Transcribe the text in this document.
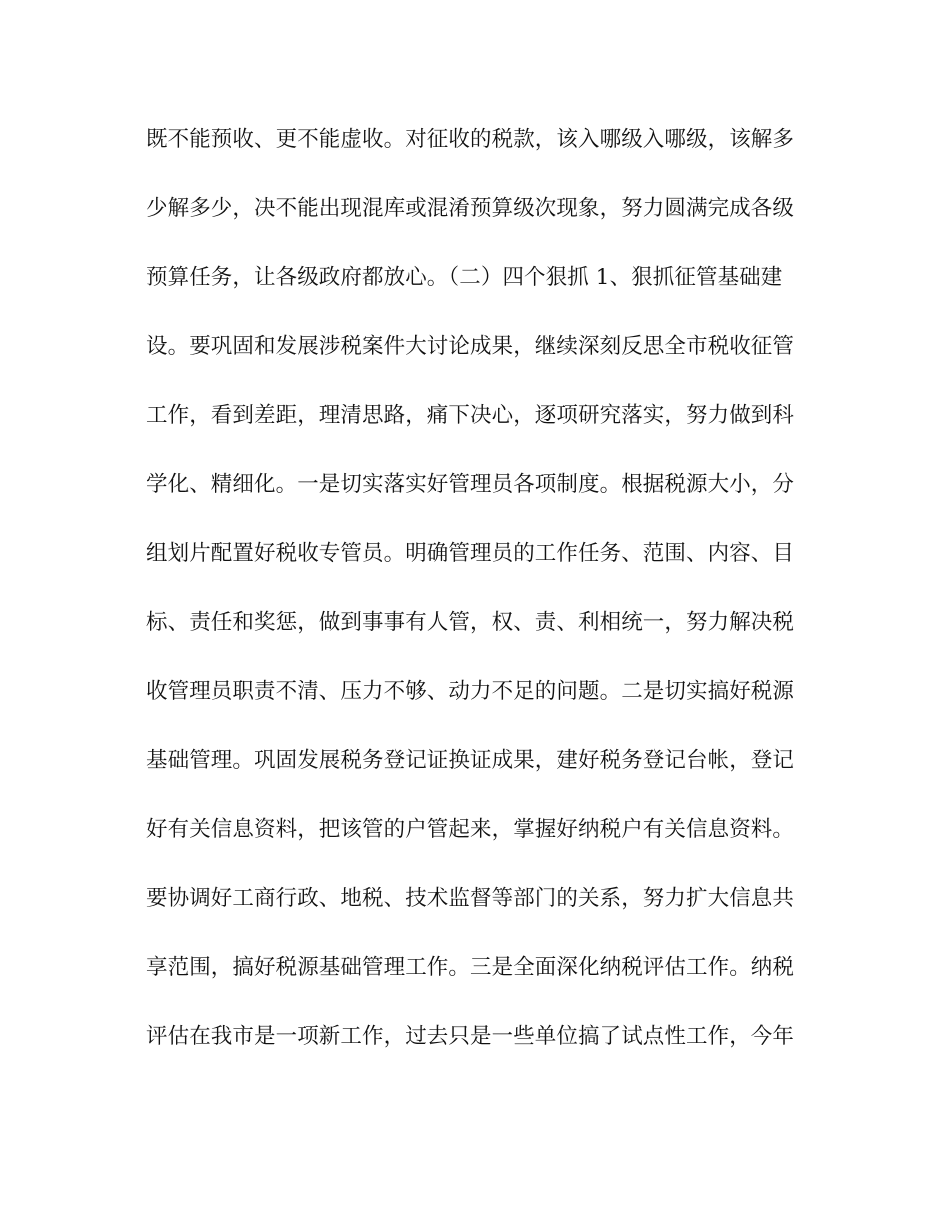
既不能预收、更不能虚收。对征收的税款，该入哪级入哪级，该解多
少解多少，决不能出现混库或混淆预算级次现象，努力圆满完成各级
预算任务，让各级政府都放心。（二）四个狠抓 1、狠抓征管基础建
设。要巩固和发展涉税案件大讨论成果，继续深刻反思全市税收征管
工作，看到差距，理清思路，痛下决心，逐项研究落实，努力做到科
学化、精细化。一是切实落实好管理员各项制度。根据税源大小，分
组划片配置好税收专管员。明确管理员的工作任务、范围、内容、目
标、责任和奖惩，做到事事有人管，权、责、利相统一，努力解决税
收管理员职责不清、压力不够、动力不足的问题。二是切实搞好税源
基础管理。巩固发展税务登记证换证成果，建好税务登记台帐，登记
好有关信息资料，把该管的户管起来，掌握好纳税户有关信息资料。
要协调好工商行政、地税、技术监督等部门的关系，努力扩大信息共
享范围，搞好税源基础管理工作。三是全面深化纳税评估工作。纳税
评估在我市是一项新工作，过去只是一些单位搞了试点性工作，今年
